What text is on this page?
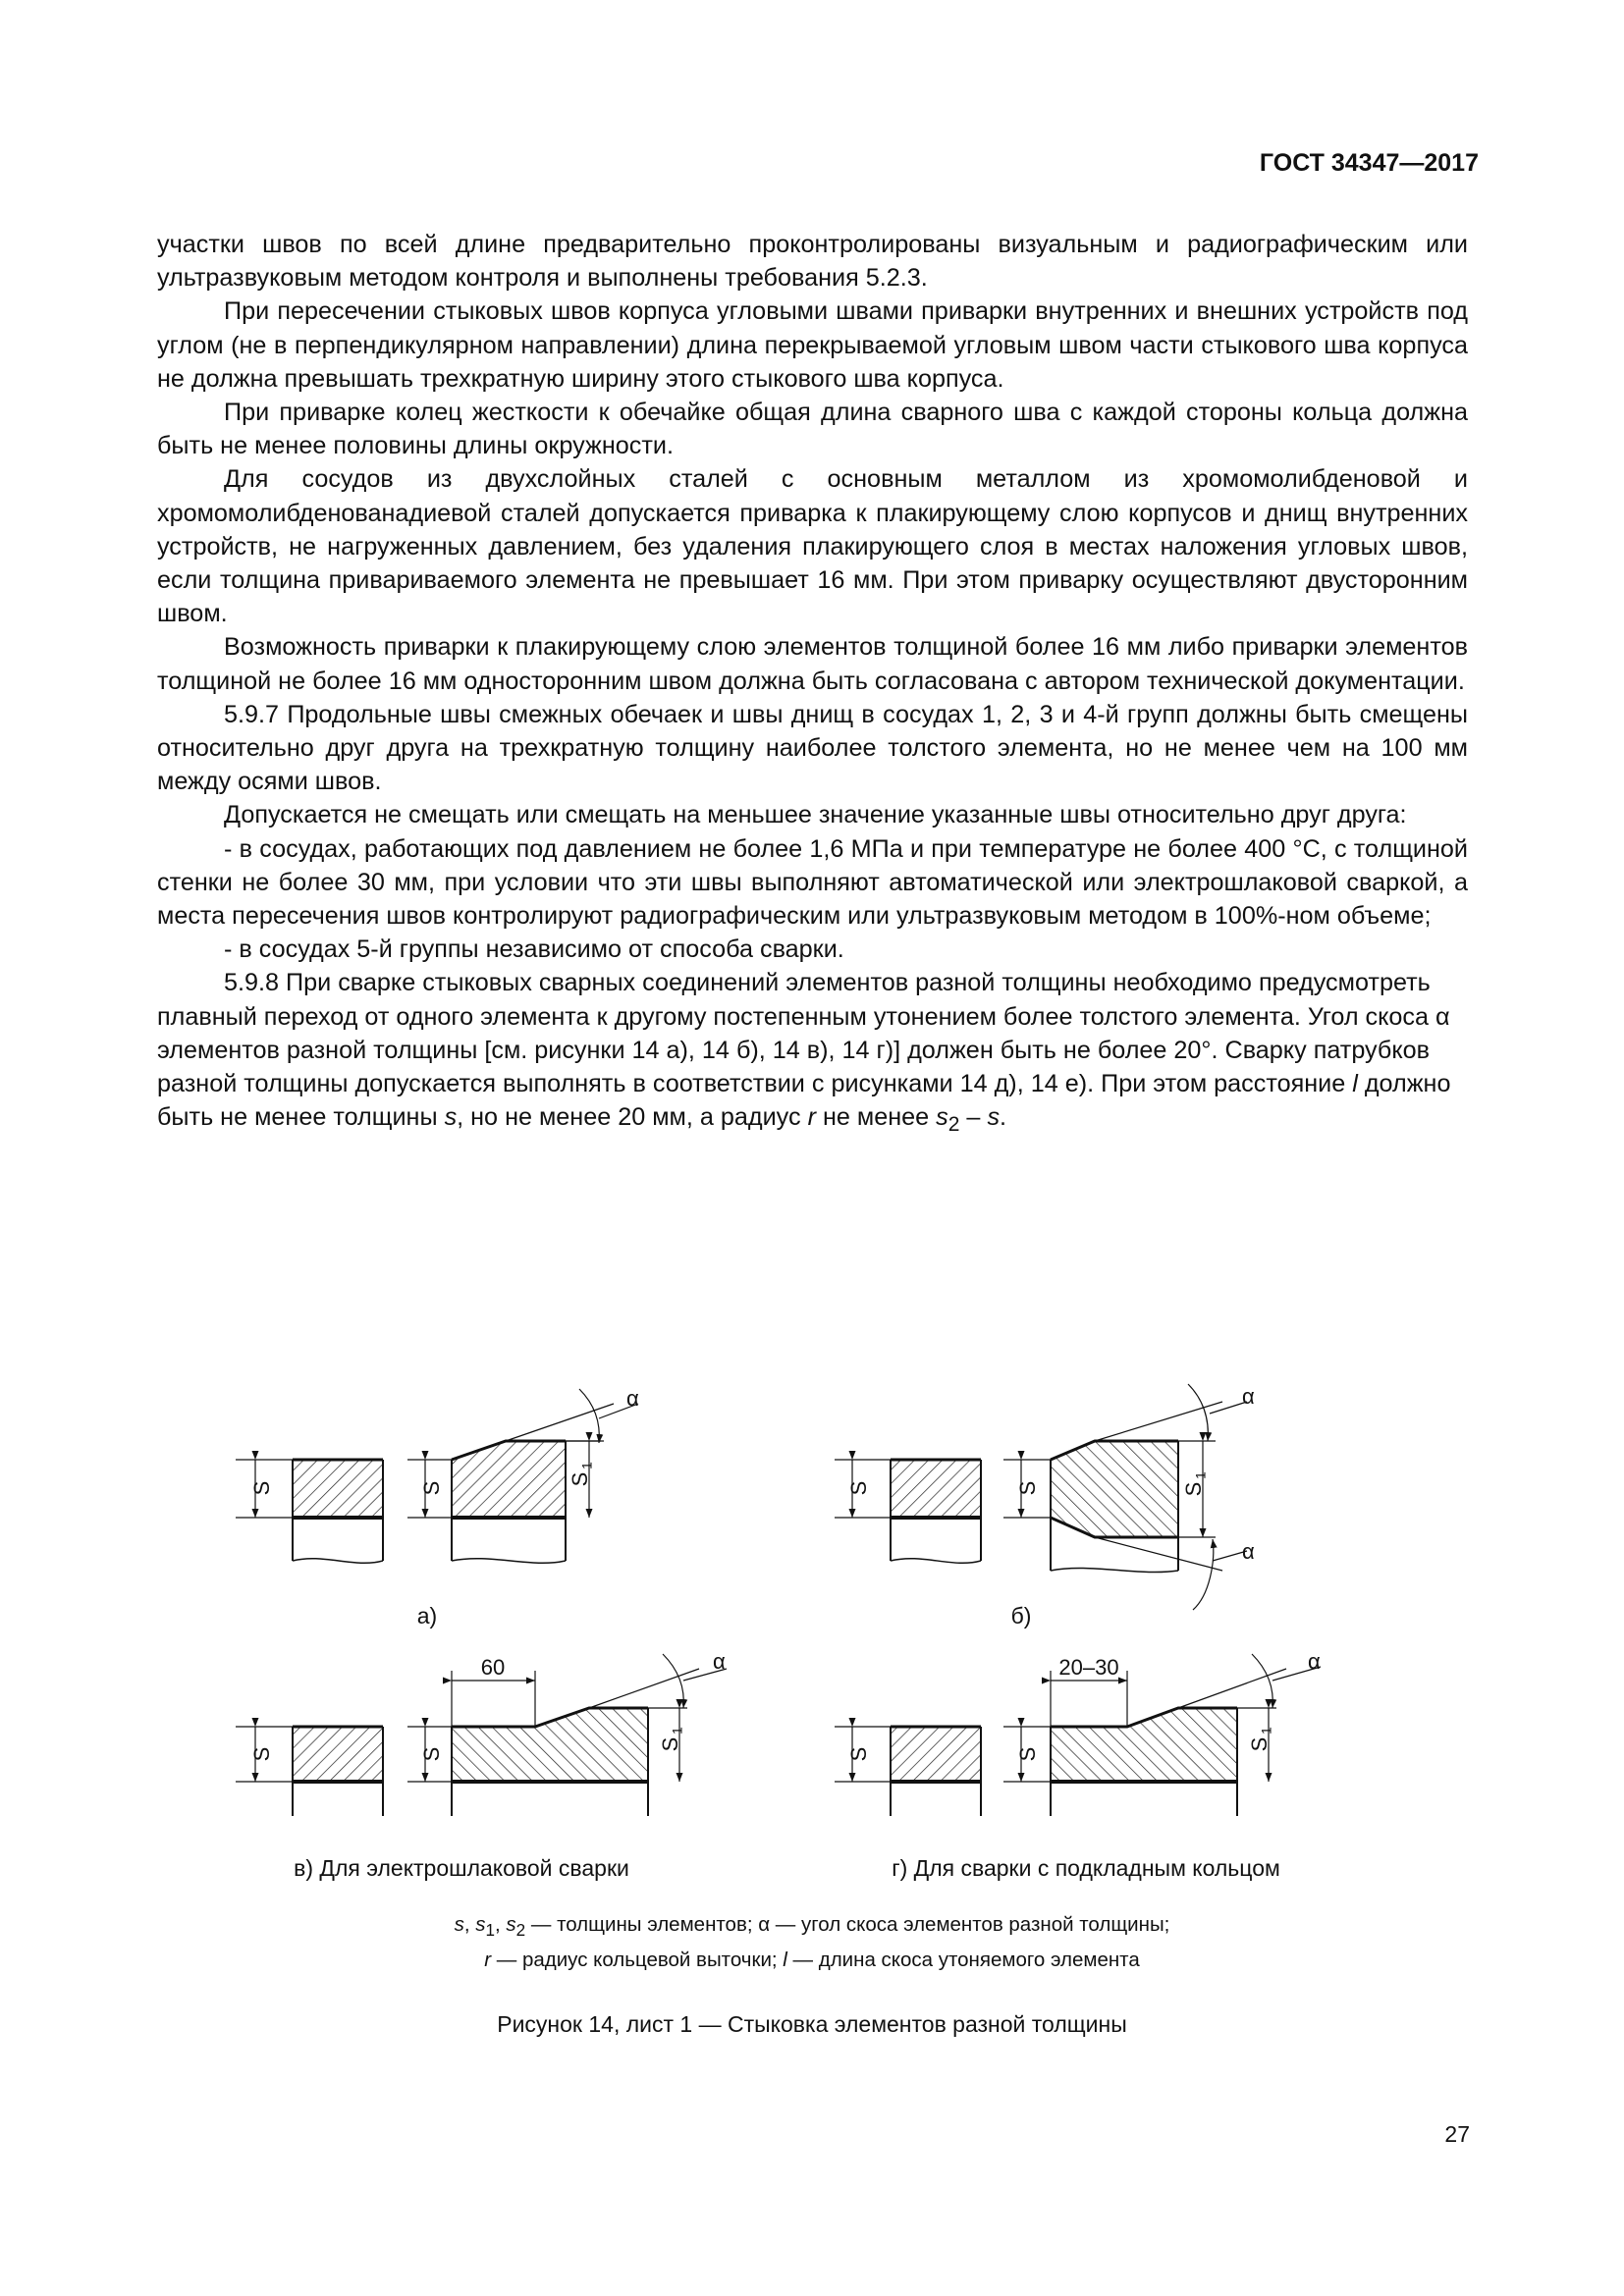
ГОСТ 34347—2017

участки швов по всей длине предварительно проконтролированы визуальным и радиографическим или ультразвуковым методом контроля и выполнены требования 5.2.3.

При пересечении стыковых швов корпуса угловыми швами приварки внутренних и внешних устройств под углом (не в перпендикулярном направлении) длина перекрываемой угловым швом части стыкового шва корпуса не должна превышать трехкратную ширину этого стыкового шва корпуса.

При приварке колец жесткости к обечайке общая длина сварного шва с каждой стороны кольца должна быть не менее половины длины окружности.

Для сосудов из двухслойных сталей с основным металлом из хромомолибденовой и хромомолибденованадиевой сталей допускается приварка к плакирующему слою корпусов и днищ внутренних устройств, не нагруженных давлением, без удаления плакирующего слоя в местах наложения угловых швов, если толщина привариваемого элемента не превышает 16 мм. При этом приварку осуществляют двусторонним швом.

Возможность приварки к плакирующему слою элементов толщиной более 16 мм либо приварки элементов толщиной не более 16 мм односторонним швом должна быть согласована с автором технической документации.

5.9.7 Продольные швы смежных обечаек и швы днищ в сосудах 1, 2, 3 и 4-й групп должны быть смещены относительно друг друга на трехкратную толщину наиболее толстого элемента, но не менее чем на 100 мм между осями швов.

Допускается не смещать или смещать на меньшее значение указанные швы относительно друг друга:

- в сосудах, работающих под давлением не более 1,6 МПа и при температуре не более 400 °С, с толщиной стенки не более 30 мм, при условии что эти швы выполняют автоматической или электрошлаковой сваркой, а места пересечения швов контролируют радиографическим или ультразвуковым методом в 100%-ном объеме;

- в сосудах 5-й группы независимо от способа сварки.

5.9.8 При сварке стыковых сварных соединений элементов разной толщины необходимо предусмотреть плавный переход от одного элемента к другому постепенным утонением более толстого элемента. Угол скоса α элементов разной толщины [см. рисунки 14 а), 14 б), 14 в), 14 г)] должен быть не более 20°. Сварку патрубков разной толщины допускается выполнять в соответствии с рисунками 14 д), 14 е). При этом расстояние l должно быть не менее толщины s, но не менее 20 мм, а радиус r не менее $s_2$ – s.

S	S
S
1
α
S	S	S
1
α
α
S	S
S
1
60	α
S	S
S
1
20–30	α
а)	б)
в) Для электрошлаковой сварки	г) Для сварки с подкладным кольцом
s, $s_1$, $s_2$ — толщины элементов; α — угол скоса элементов разной толщины;
r — радиус кольцевой выточки; l — длина скоса утоняемого элемента
Рисунок 14, лист 1 — Стыковка элементов разной толщины
27
